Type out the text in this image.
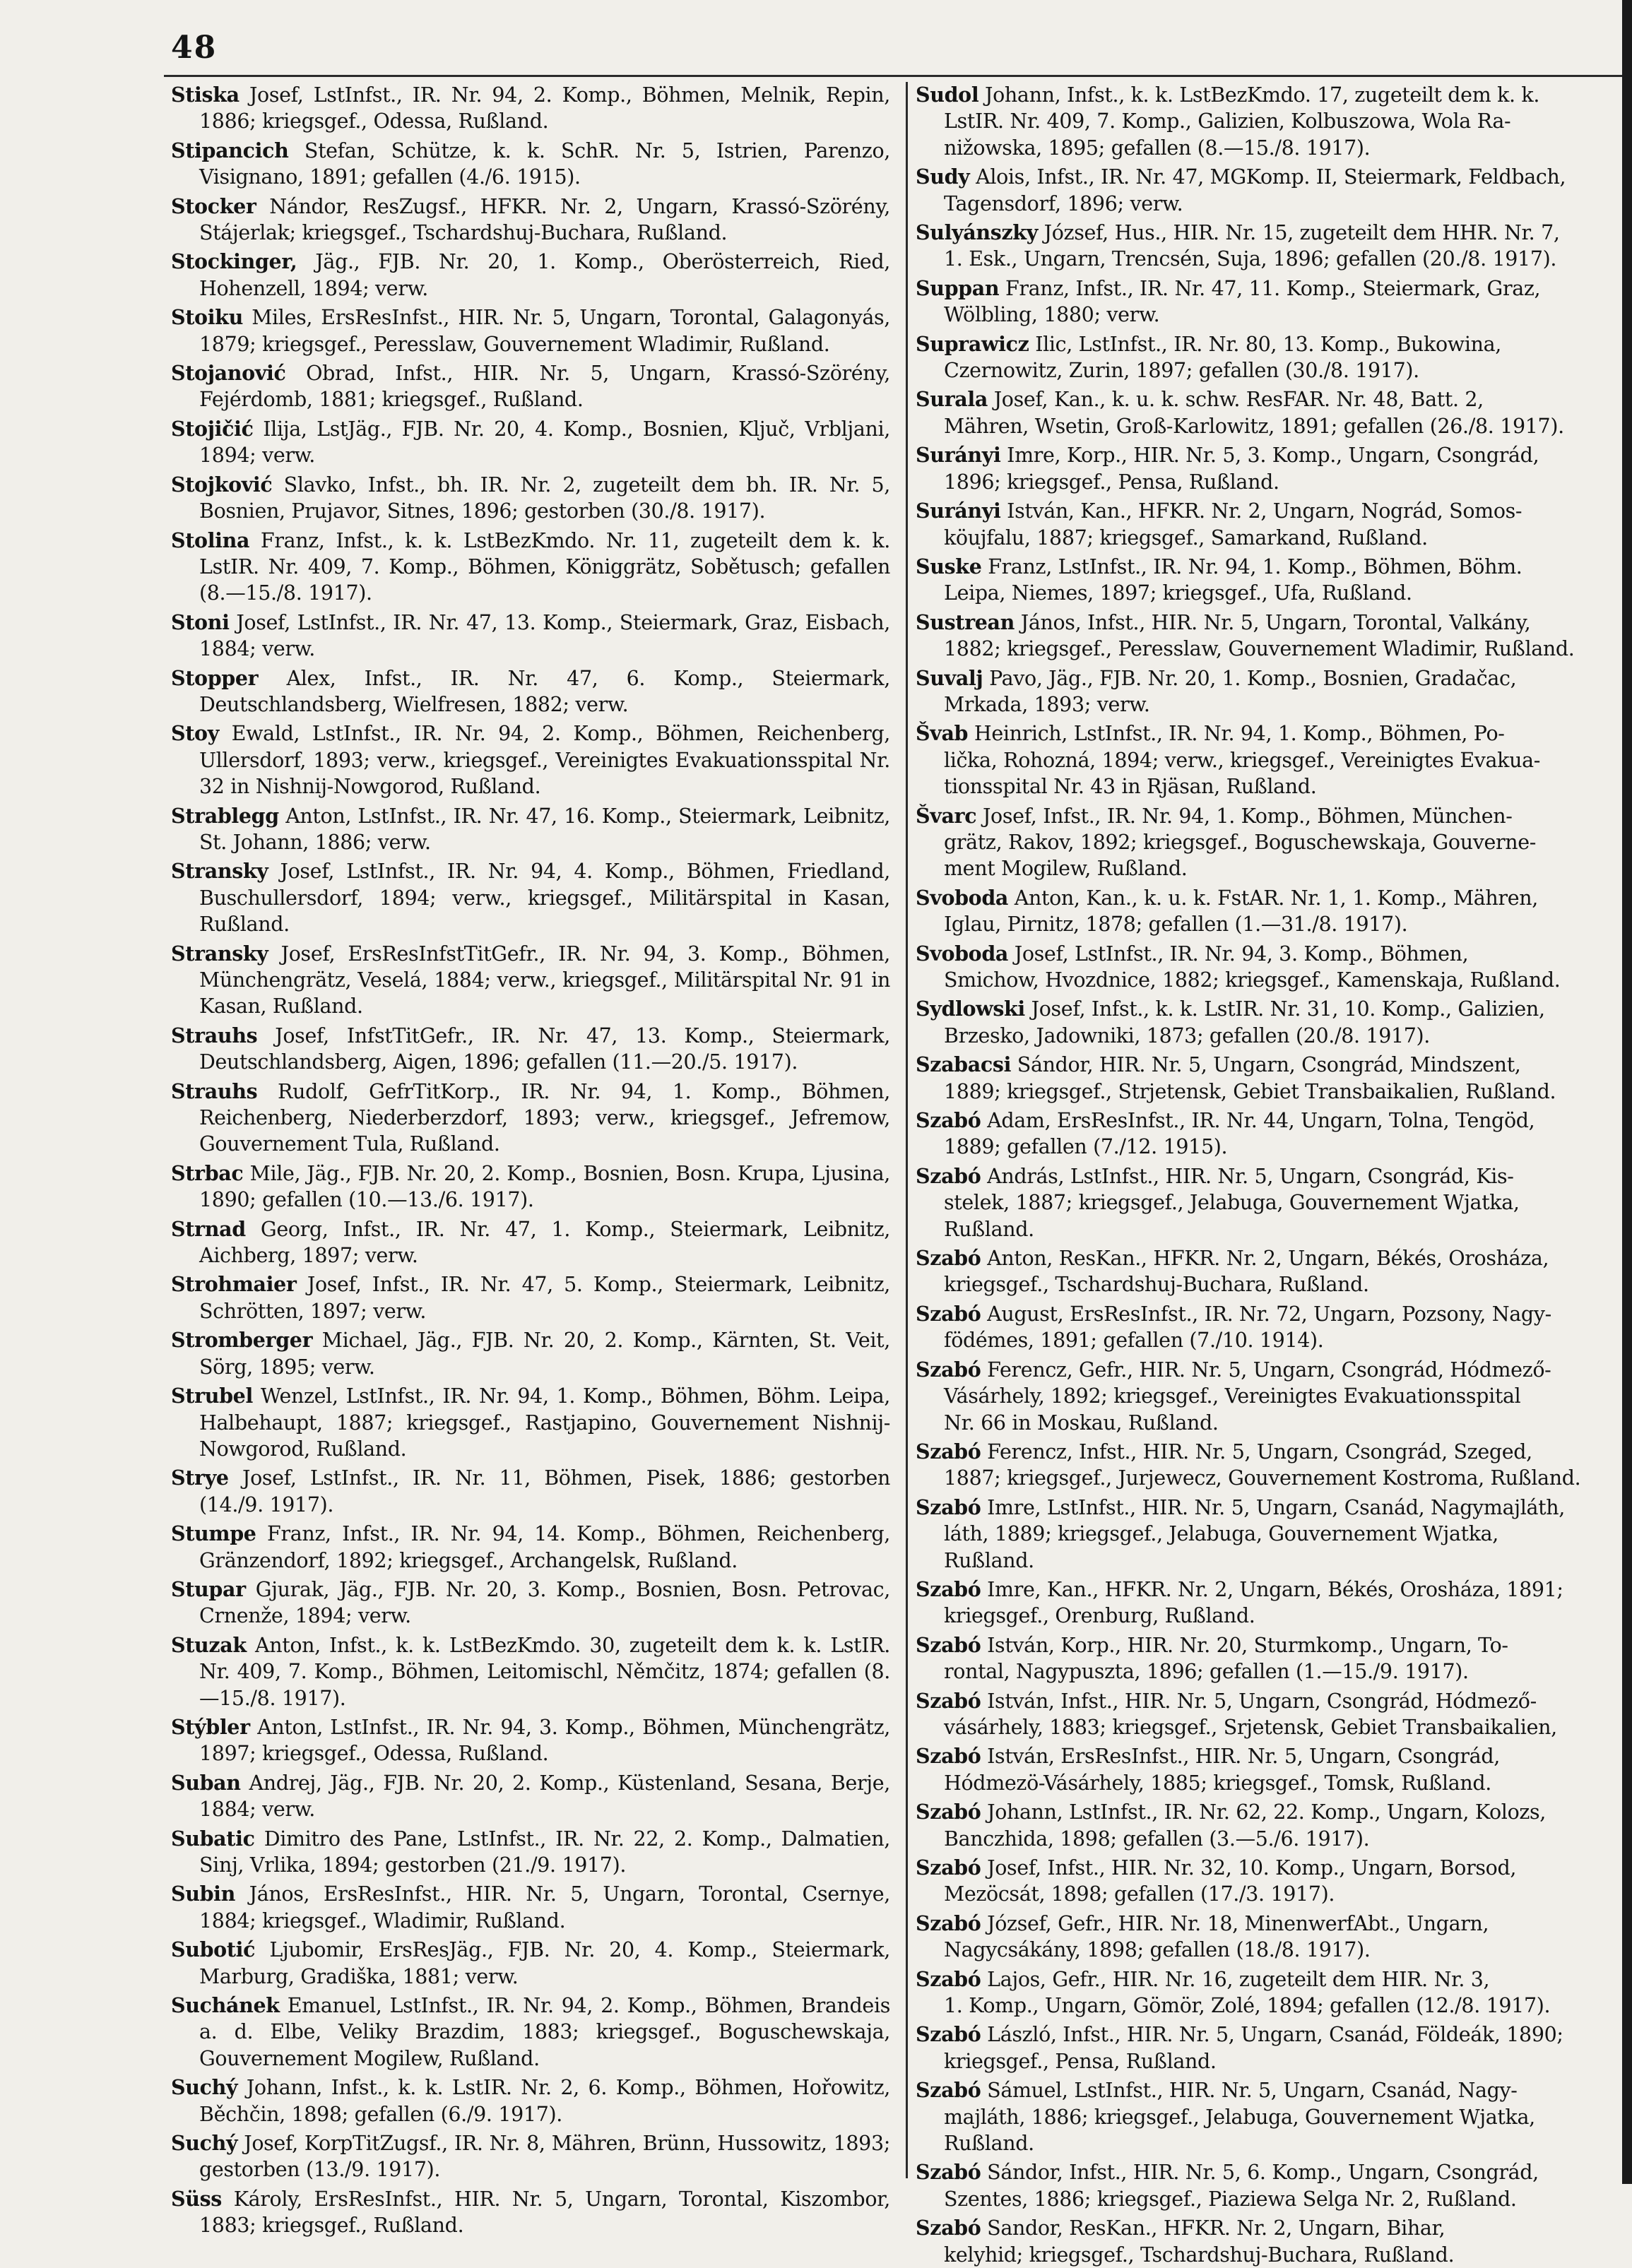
48
Stiska Josef, LstInfst., IR. Nr. 94, 2. Komp., Böhmen, Melnik, Repin, 1886; kriegsgef., Odessa, Rußland.
Stipancich Stefan, Schütze, k. k. SchR. Nr. 5, Istrien, Parenzo, Visignano, 1891; gefallen (4./6. 1915).
Stocker Nándor, ResZugsf., HFKR. Nr. 2, Ungarn, Krassó-Szörény, Stájerlak; kriegsgef., Tschardshuj-Buchara, Rußland.
Stockinger, Jäg., FJB. Nr. 20, 1. Komp., Oberösterreich, Ried, Hohenzell, 1894; verw.
Stoiku Miles, ErsResInfst., HIR. Nr. 5, Ungarn, Torontal, Galagonyás, 1879; kriegsgef., Peresslaw, Gouvernement Wladimir, Rußland.
Stojanović Obrad, Infst., HIR. Nr. 5, Ungarn, Krassó-Szörény, Fejérdomb, 1881; kriegsgef., Rußland.
Stojičić Ilija, LstJäg., FJB. Nr. 20, 4. Komp., Bosnien, Ključ, Vrbljani, 1894; verw.
Stojković Slavko, Infst., bh. IR. Nr. 2, zugeteilt dem bh. IR. Nr. 5, Bosnien, Prujavor, Sitnes, 1896; gestorben (30./8. 1917).
Stolina Franz, Infst., k. k. LstBezKmdo. Nr. 11, zugeteilt dem k. k. LstIR. Nr. 409, 7. Komp., Böhmen, Königgrätz, Sobětusch; gefallen (8.—15./8. 1917).
Stoni Josef, LstInfst., IR. Nr. 47, 13. Komp., Steiermark, Graz, Eisbach, 1884; verw.
Stopper Alex, Infst., IR. Nr. 47, 6. Komp., Steiermark, Deutschlandsberg, Wielfresen, 1882; verw.
Stoy Ewald, LstInfst., IR. Nr. 94, 2. Komp., Böhmen, Reichenberg, Ullersdorf, 1893; verw., kriegsgef., Vereinigtes Evakuationsspital Nr. 32 in Nishnij-Nowgorod, Rußland.
Strablegg Anton, LstInfst., IR. Nr. 47, 16. Komp., Steiermark, Leibnitz, St. Johann, 1886; verw.
Stransky Josef, LstInfst., IR. Nr. 94, 4. Komp., Böhmen, Friedland, Buschullersdorf, 1894; verw., kriegsgef., Militärspital in Kasan, Rußland.
Stransky Josef, ErsResInfstTitGefr., IR. Nr. 94, 3. Komp., Böhmen, Münchengrätz, Veselá, 1884; verw., kriegsgef., Militärspital Nr. 91 in Kasan, Rußland.
Strauhs Josef, InfstTitGefr., IR. Nr. 47, 13. Komp., Steiermark, Deutschlandsberg, Aigen, 1896; gefallen (11.—20./5. 1917).
Strauhs Rudolf, GefrTitKorp., IR. Nr. 94, 1. Komp., Böhmen, Reichenberg, Niederberzdorf, 1893; verw., kriegsgef., Jefremow, Gouvernement Tula, Rußland.
Strbac Mile, Jäg., FJB. Nr. 20, 2. Komp., Bosnien, Bosn. Krupa, Ljusina, 1890; gefallen (10.—13./6. 1917).
Strnad Georg, Infst., IR. Nr. 47, 1. Komp., Steiermark, Leibnitz, Aichberg, 1897; verw.
Strohmaier Josef, Infst., IR. Nr. 47, 5. Komp., Steiermark, Leibnitz, Schrötten, 1897; verw.
Stromberger Michael, Jäg., FJB. Nr. 20, 2. Komp., Kärnten, St. Veit, Sörg, 1895; verw.
Strubel Wenzel, LstInfst., IR. Nr. 94, 1. Komp., Böhmen, Böhm. Leipa, Halbehaupt, 1887; kriegsgef., Rastjapino, Gouvernement Nishnij-Nowgorod, Rußland.
Strye Josef, LstInfst., IR. Nr. 11, Böhmen, Pisek, 1886; gestorben (14./9. 1917).
Stumpe Franz, Infst., IR. Nr. 94, 14. Komp., Böhmen, Reichenberg, Gränzendorf, 1892; kriegsgef., Archangelsk, Rußland.
Stupar Gjurak, Jäg., FJB. Nr. 20, 3. Komp., Bosnien, Bosn. Petrovac, Crnenže, 1894; verw.
Stuzak Anton, Infst., k. k. LstBezKmdo. 30, zugeteilt dem k. k. LstIR. Nr. 409, 7. Komp., Böhmen, Leitomischl, Němčitz, 1874; gefallen (8.—15./8. 1917).
Stýbler Anton, LstInfst., IR. Nr. 94, 3. Komp., Böhmen, Münchengrätz, 1897; kriegsgef., Odessa, Rußland.
Suban Andrej, Jäg., FJB. Nr. 20, 2. Komp., Küstenland, Sesana, Berje, 1884; verw.
Subatic Dimitro des Pane, LstInfst., IR. Nr. 22, 2. Komp., Dalmatien, Sinj, Vrlika, 1894; gestorben (21./9. 1917).
Subin János, ErsResInfst., HIR. Nr. 5, Ungarn, Torontal, Csernye, 1884; kriegsgef., Wladimir, Rußland.
Subotić Ljubomir, ErsResJäg., FJB. Nr. 20, 4. Komp., Steiermark, Marburg, Gradiška, 1881; verw.
Suchánek Emanuel, LstInfst., IR. Nr. 94, 2. Komp., Böhmen, Brandeis a. d. Elbe, Veliky Brazdim, 1883; kriegsgef., Boguschewskaja, Gouvernement Mogilew, Rußland.
Suchý Johann, Infst., k. k. LstIR. Nr. 2, 6. Komp., Böhmen, Hořowitz, Běchčin, 1898; gefallen (6./9. 1917).
Suchý Josef, KorpTitZugsf., IR. Nr. 8, Mähren, Brünn, Hussowitz, 1893; gestorben (13./9. 1917).
Süss Károly, ErsResInfst., HIR. Nr. 5, Ungarn, Torontal, Kiszombor, 1883; kriegsgef., Rußland.
Sudol Johann, Infst., k. k. LstBezKmdo. 17, zugeteilt dem k. k.
LstIR. Nr. 409, 7. Komp., Galizien, Kolbuszowa, Wola Ra-
nižowska, 1895; gefallen (8.—15./8. 1917).
Sudy Alois, Infst., IR. Nr. 47, MGKomp. II, Steiermark, Feldbach,
Tagensdorf, 1896; verw.
Sulyánszky József, Hus., HIR. Nr. 15, zugeteilt dem HHR. Nr. 7,
1. Esk., Ungarn, Trencsén, Suja, 1896; gefallen (20./8. 1917).
Suppan Franz, Infst., IR. Nr. 47, 11. Komp., Steiermark, Graz,
Wölbling, 1880; verw.
Suprawicz Ilic, LstInfst., IR. Nr. 80, 13. Komp., Bukowina,
Czernowitz, Zurin, 1897; gefallen (30./8. 1917).
Surala Josef, Kan., k. u. k. schw. ResFAR. Nr. 48, Batt. 2,
Mähren, Wsetin, Groß-Karlowitz, 1891; gefallen (26./8. 1917).
Surányi Imre, Korp., HIR. Nr. 5, 3. Komp., Ungarn, Csongrád,
1896; kriegsgef., Pensa, Rußland.
Surányi István, Kan., HFKR. Nr. 2, Ungarn, Nográd, Somos-
köujfalu, 1887; kriegsgef., Samarkand, Rußland.
Suske Franz, LstInfst., IR. Nr. 94, 1. Komp., Böhmen, Böhm.
Leipa, Niemes, 1897; kriegsgef., Ufa, Rußland.
Sustrean János, Infst., HIR. Nr. 5, Ungarn, Torontal, Valkány,
1882; kriegsgef., Peresslaw, Gouvernement Wladimir, Rußland.
Suvalj Pavo, Jäg., FJB. Nr. 20, 1. Komp., Bosnien, Gradačac,
Mrkada, 1893; verw.
Švab Heinrich, LstInfst., IR. Nr. 94, 1. Komp., Böhmen, Po-
lička, Rohozná, 1894; verw., kriegsgef., Vereinigtes Evakua-
tionsspital Nr. 43 in Rjäsan, Rußland.
Švarc Josef, Infst., IR. Nr. 94, 1. Komp., Böhmen, München-
grätz, Rakov, 1892; kriegsgef., Boguschewskaja, Gouverne-
ment Mogilew, Rußland.
Svoboda Anton, Kan., k. u. k. FstAR. Nr. 1, 1. Komp., Mähren,
Iglau, Pirnitz, 1878; gefallen (1.—31./8. 1917).
Svoboda Josef, LstInfst., IR. Nr. 94, 3. Komp., Böhmen,
Smichow, Hvozdnice, 1882; kriegsgef., Kamenskaja, Rußland.
Sydlowski Josef, Infst., k. k. LstIR. Nr. 31, 10. Komp., Galizien,
Brzesko, Jadowniki, 1873; gefallen (20./8. 1917).
Szabacsi Sándor, HIR. Nr. 5, Ungarn, Csongrád, Mindszent,
1889; kriegsgef., Strjetensk, Gebiet Transbaikalien, Rußland.
Szabó Adam, ErsResInfst., IR. Nr. 44, Ungarn, Tolna, Tengöd,
1889; gefallen (7./12. 1915).
Szabó András, LstInfst., HIR. Nr. 5, Ungarn, Csongrád, Kis-
stelek, 1887; kriegsgef., Jelabuga, Gouvernement Wjatka,
Rußland.
Szabó Anton, ResKan., HFKR. Nr. 2, Ungarn, Békés, Orosháza,
kriegsgef., Tschardshuj-Buchara, Rußland.
Szabó August, ErsResInfst., IR. Nr. 72, Ungarn, Pozsony, Nagy-
födémes, 1891; gefallen (7./10. 1914).
Szabó Ferencz, Gefr., HIR. Nr. 5, Ungarn, Csongrád, Hódmező-
Vásárhely, 1892; kriegsgef., Vereinigtes Evakuationsspital
Nr. 66 in Moskau, Rußland.
Szabó Ferencz, Infst., HIR. Nr. 5, Ungarn, Csongrád, Szeged,
1887; kriegsgef., Jurjewecz, Gouvernement Kostroma, Rußland.
Szabó Imre, LstInfst., HIR. Nr. 5, Ungarn, Csanád, Nagymajláth,
láth, 1889; kriegsgef., Jelabuga, Gouvernement Wjatka,
Rußland.
Szabó Imre, Kan., HFKR. Nr. 2, Ungarn, Békés, Orosháza, 1891;
kriegsgef., Orenburg, Rußland.
Szabó István, Korp., HIR. Nr. 20, Sturmkomp., Ungarn, To-
rontal, Nagypuszta, 1896; gefallen (1.—15./9. 1917).
Szabó István, Infst., HIR. Nr. 5, Ungarn, Csongrád, Hódmező-
vásárhely, 1883; kriegsgef., Srjetensk, Gebiet Transbaikalien,
Szabó István, ErsResInfst., HIR. Nr. 5, Ungarn, Csongrád,
Hódmezö-Vásárhely, 1885; kriegsgef., Tomsk, Rußland.
Szabó Johann, LstInfst., IR. Nr. 62, 22. Komp., Ungarn, Kolozs,
Banczhida, 1898; gefallen (3.—5./6. 1917).
Szabó Josef, Infst., HIR. Nr. 32, 10. Komp., Ungarn, Borsod,
Mezöcsát, 1898; gefallen (17./3. 1917).
Szabó József, Gefr., HIR. Nr. 18, MinenwerfAbt., Ungarn,
Nagycsákány, 1898; gefallen (18./8. 1917).
Szabó Lajos, Gefr., HIR. Nr. 16, zugeteilt dem HIR. Nr. 3,
1. Komp., Ungarn, Gömör, Zolé, 1894; gefallen (12./8. 1917).
Szabó László, Infst., HIR. Nr. 5, Ungarn, Csanád, Földeák, 1890;
kriegsgef., Pensa, Rußland.
Szabó Sámuel, LstInfst., HIR. Nr. 5, Ungarn, Csanád, Nagy-
majláth, 1886; kriegsgef., Jelabuga, Gouvernement Wjatka,
Rußland.
Szabó Sándor, Infst., HIR. Nr. 5, 6. Komp., Ungarn, Csongrád,
Szentes, 1886; kriegsgef., Piaziewa Selga Nr. 2, Rußland.
Szabó Sandor, ResKan., HFKR. Nr. 2, Ungarn, Bihar,
kelyhid; kriegsgef., Tschardshuj-Buchara, Rußland.
